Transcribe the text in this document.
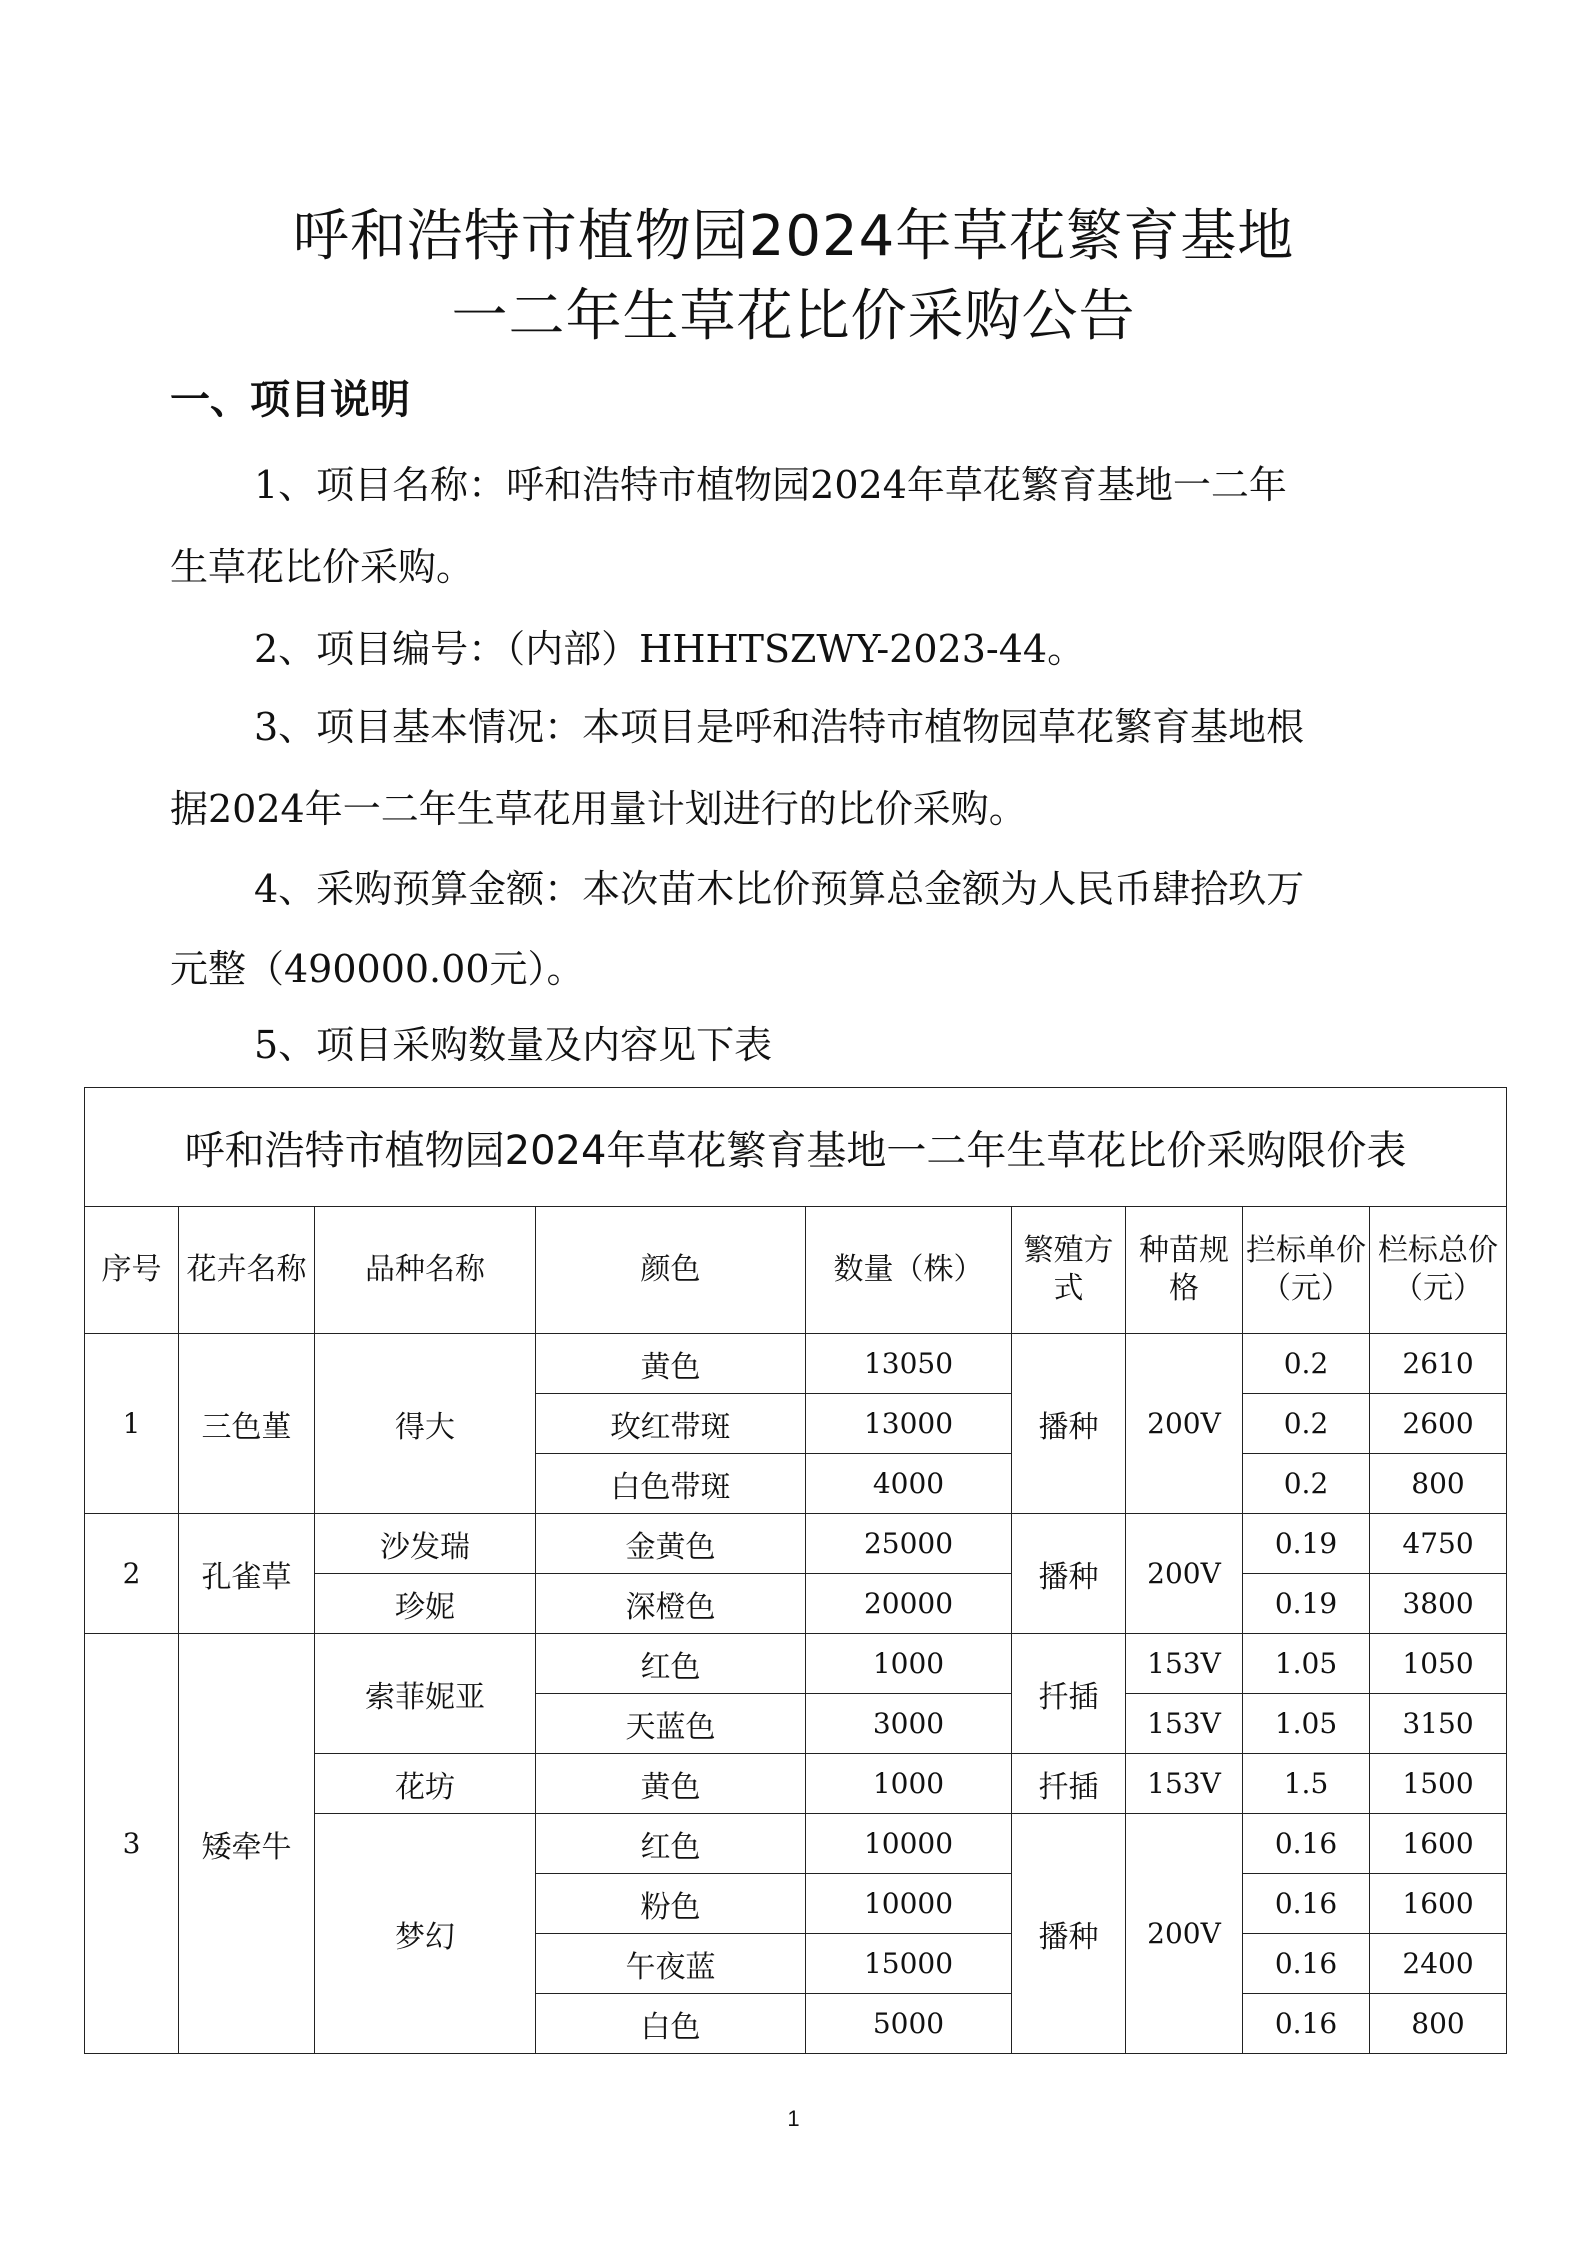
呼和浩特市植物园2024年草花繁育基地
一二年生草花比价采购公告
一、项目说明
1、项目名称：呼和浩特市植物园2024年草花繁育基地一二年
生草花比价采购。
2、项目编号：（内部）HHHTSZWY-2023-44。
3、项目基本情况：本项目是呼和浩特市植物园草花繁育基地根
据2024年一二年生草花用量计划进行的比价采购。
4、采购预算金额：本次苗木比价预算总金额为人民币肆拾玖万
元整（490000.00元）。
5、项目采购数量及内容见下表
呼和浩特市植物园2024年草花繁育基地一二年生草花比价采购限价表								
序号	花卉名称	品种名称	颜色	数量（株）	繁殖方式	种苗规格	拦标单价（元）	栏标总价（元）
1	三色堇	得大	黄色	13050	播种	200V	0.2	2610
			玫红带斑	13000			0.2	2600
			白色带斑	4000			0.2	800
2	孔雀草	沙发瑞	金黄色	25000	播种	200V	0.19	4750
		珍妮	深橙色	20000			0.19	3800
3	矮牵牛	索菲妮亚	红色	1000	扦插	153V	1.05	1050
			天蓝色	3000		153V	1.05	3150
		花坊	黄色	1000	扦插	153V	1.5	1500
		梦幻	红色	10000	播种	200V	0.16	1600
			粉色	10000			0.16	1600
			午夜蓝	15000			0.16	2400
			白色	5000			0.16	800
1
